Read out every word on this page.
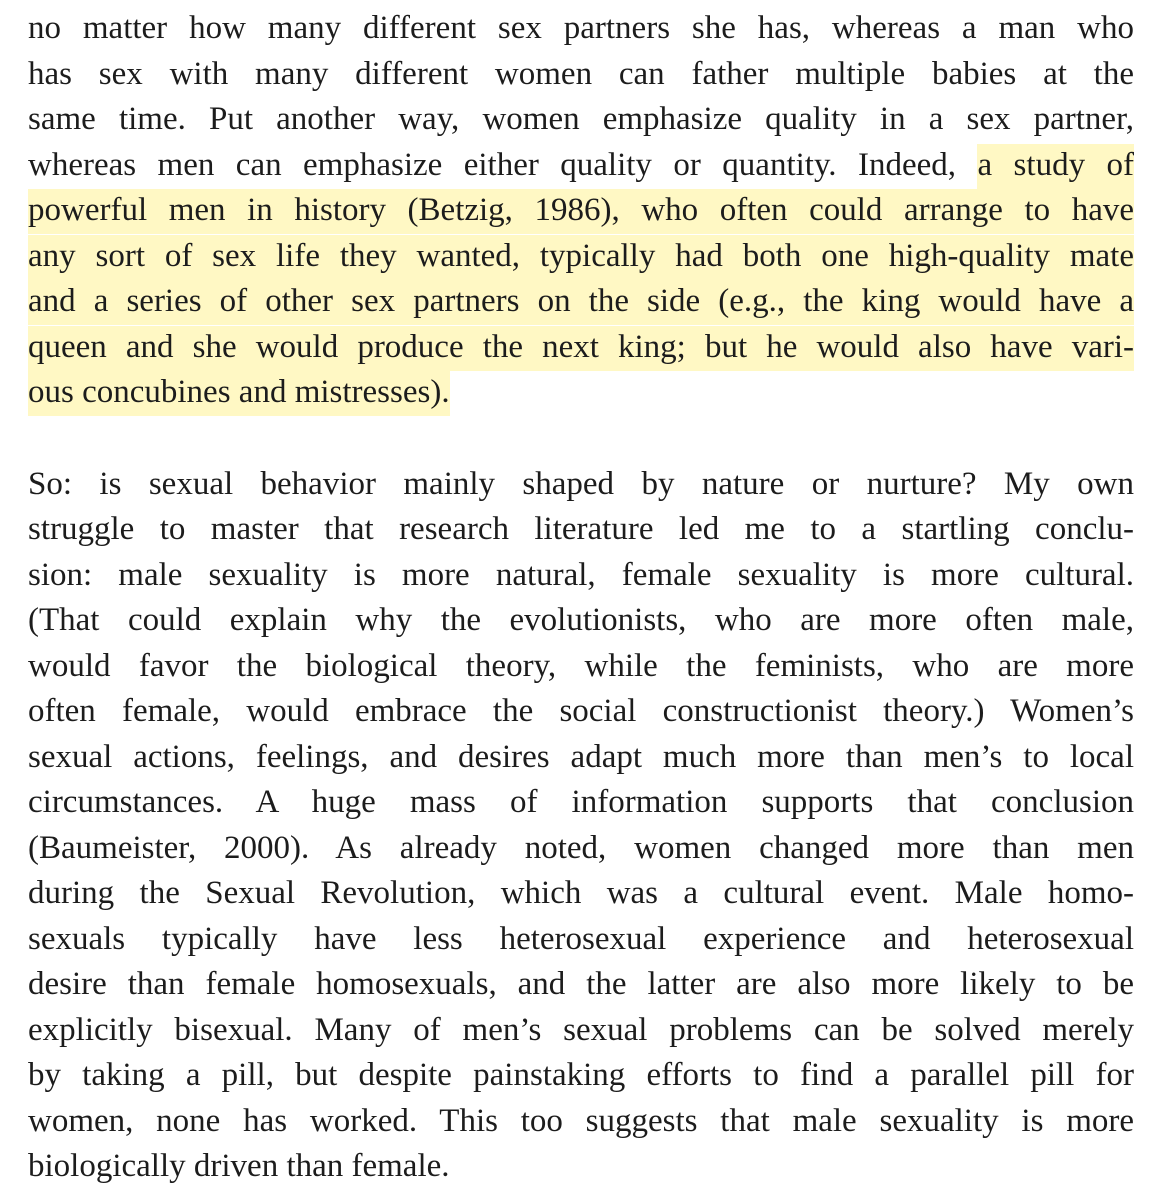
no matter how many different sex partners she has, whereas a man who
has sex with many different women can father multiple babies at the
same time. Put another way, women emphasize quality in a sex partner,
whereas men can emphasize either quality or quantity. Indeed, a study of
powerful men in history (Betzig, 1986), who often could arrange to have
any sort of sex life they wanted, typically had both one high-quality mate
and a series of other sex partners on the side (e.g., the king would have a
queen and she would produce the next king; but he would also have vari-
ous concubines and mistresses).
So: is sexual behavior mainly shaped by nature or nurture? My own
struggle to master that research literature led me to a startling conclu-
sion: male sexuality is more natural, female sexuality is more cultural.
(That could explain why the evolutionists, who are more often male,
would favor the biological theory, while the feminists, who are more
often female, would embrace the social constructionist theory.) Women’s
sexual actions, feelings, and desires adapt much more than men’s to local
circumstances. A huge mass of information supports that conclusion
(Baumeister, 2000). As already noted, women changed more than men
during the Sexual Revolution, which was a cultural event. Male homo-
sexuals typically have less heterosexual experience and heterosexual
desire than female homosexuals, and the latter are also more likely to be
explicitly bisexual. Many of men’s sexual problems can be solved merely
by taking a pill, but despite painstaking efforts to find a parallel pill for
women, none has worked. This too suggests that male sexuality is more
biologically driven than female.
